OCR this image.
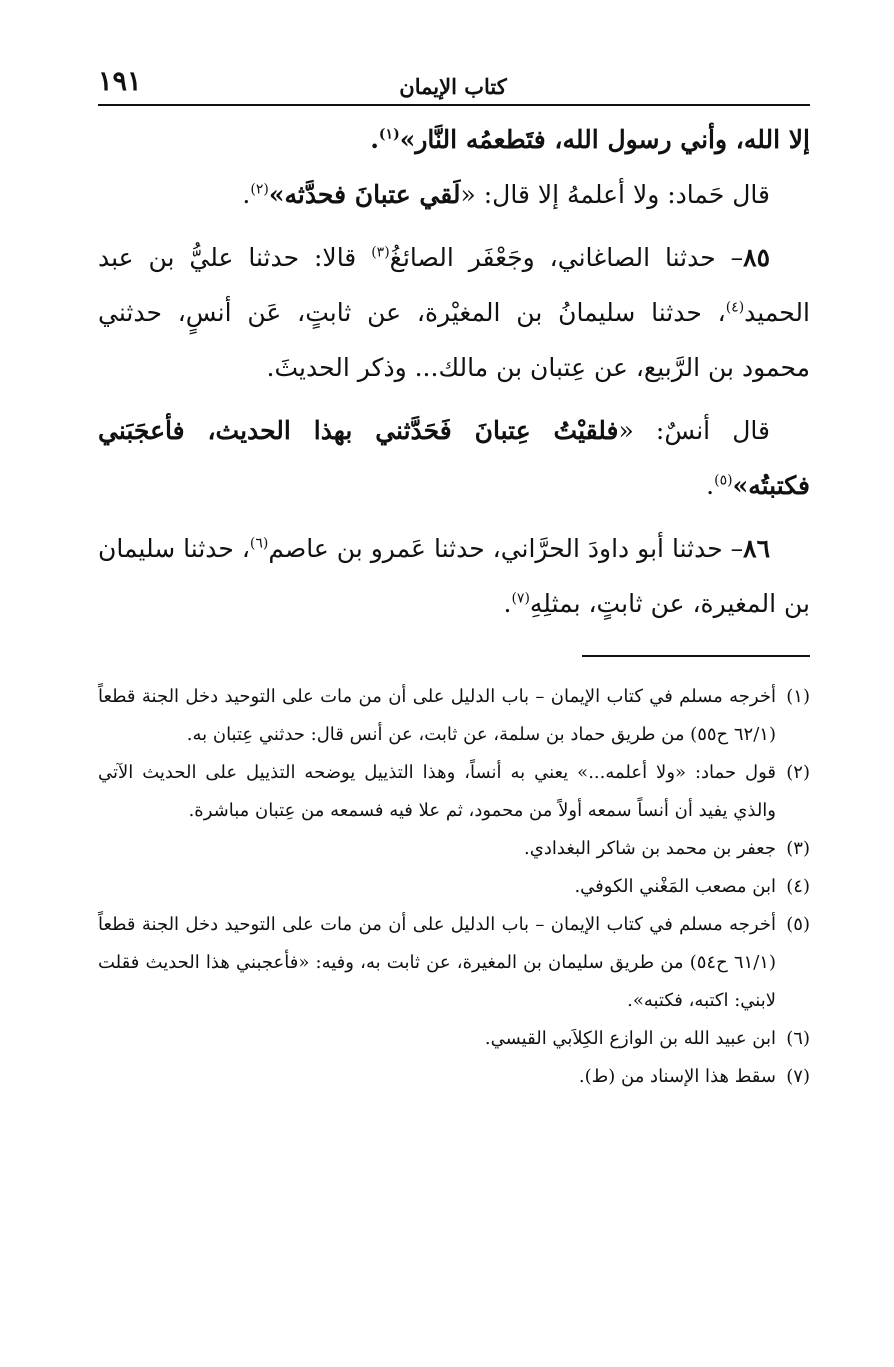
١٩١	كتاب الإيمان

إلا الله، وأني رسول الله، فتَطعمُه النَّار»$^{(١)}$.

قال حَماد: ولا أعلمهُ إلا قال: «لَقي عتبانَ فحدَّثه»$^{(٢)}$.

٨٥– حدثنا الصاغاني، وجَعْفَر الصائغُ$^{(٣)}$ قالا: حدثنا عليُّ بن عبد الحميد$^{(٤)}$، حدثنا سليمانُ بن المغيْرة، عن ثابتٍ، عَن أنسٍ، حدثني محمود بن الرَّبيع، عن عِتبان بن مالك... وذكر الحديثَ.

قال أنسٌ: «فلقيْتُ عِتبانَ فَحَدَّثني بهذا الحديث، فأعجَبَني فكتبتُه»$^{(٥)}$.

٨٦– حدثنا أبو داودَ الحرَّاني، حدثنا عَمرو بن عاصم$^{(٦)}$، حدثنا سليمان بن المغيرة، عن ثابتٍ، بمثلِهِ$^{(٧)}$.

(١)
أخرجه مسلم في كتاب الإيمان – باب الدليل على أن من مات على التوحيد دخل الجنة قطعاً (٦٢/١ ح٥٥) من طريق حماد بن سلمة، عن ثابت، عن أنس قال: حدثني عِتبان به.

(٢)
قول حماد: «ولا أعلمه...» يعني به أنساً، وهذا التذييل يوضحه التذييل على الحديث الآتي والذي يفيد أن أنساً سمعه أولاً من محمود، ثم علا فيه فسمعه من عِتبان مباشرة.

(٣)
جعفر بن محمد بن شاكر البغدادي.

(٤)
ابن مصعب المَغْني الكوفي.

(٥)
أخرجه مسلم في كتاب الإيمان – باب الدليل على أن من مات على التوحيد دخل الجنة قطعاً (٦١/١ ح٥٤) من طريق سليمان بن المغيرة، عن ثابت به، وفيه: «فأعجبني هذا الحديث فقلت لابني: اكتبه، فكتبه».

(٦)
ابن عبيد الله بن الوازع الكِلاَبي القيسي.

(٧)
سقط هذا الإسناد من (ط).
